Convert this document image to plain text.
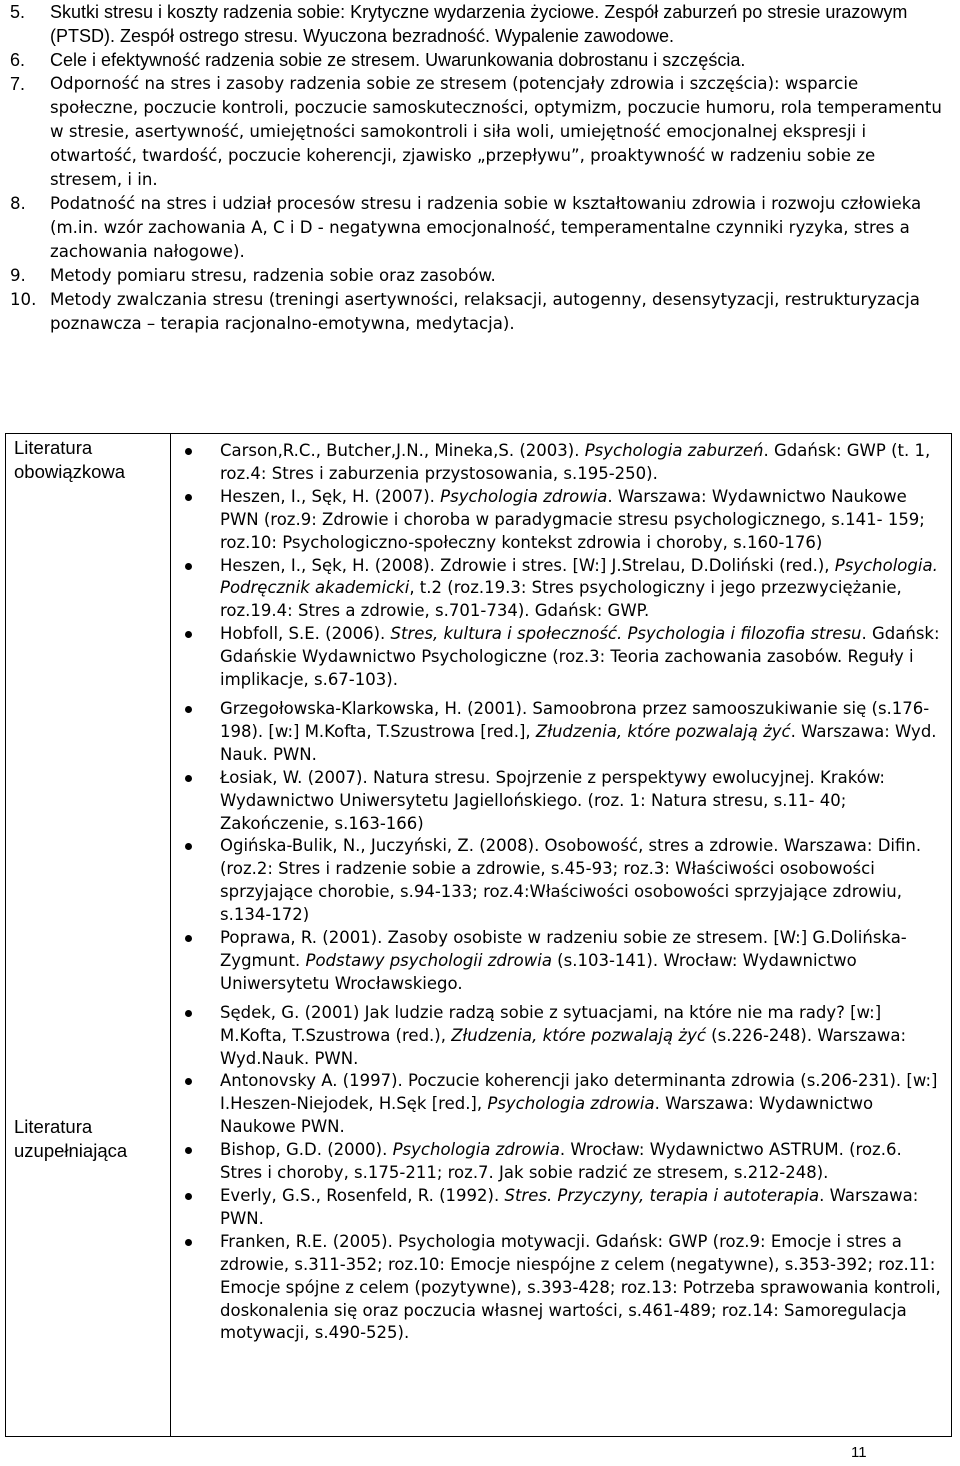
5.	Skutki stresu i koszty radzenia sobie: Krytyczne wydarzenia życiowe. Zespół zaburzeń po stresie urazowym (PTSD). Zespół ostrego stresu. Wyuczona bezradność. Wypalenie zawodowe.
6.	Cele i efektywność radzenia sobie ze stresem. Uwarunkowania dobrostanu i szczęścia.
7.	Odporność na stres i zasoby radzenia sobie ze stresem (potencjały zdrowia i szczęścia): wsparcie społeczne, poczucie kontroli, poczucie samoskuteczności, optymizm, poczucie humoru, rola temperamentu w stresie, asertywność, umiejętności samokontroli i siła woli, umiejętność emocjonalnej ekspresji i otwartość, twardość, poczucie koherencji, zjawisko „przepływu”, proaktywność w radzeniu sobie ze stresem, i in.
8.	Podatność na stres i udział procesów stresu i radzenia sobie w kształtowaniu zdrowia i rozwoju człowieka (m.in. wzór zachowania A, C i D - negatywna emocjonalność, temperamentalne czynniki ryzyka, stres a zachowania nałogowe).
9.	Metody pomiaru stresu, radzenia sobie oraz zasobów.
10. Metody zwalczania stresu (treningi asertywności, relaksacji, autogenny, desensytyzacji, restrukturyzacja poznawcza – terapia racjonalno-emotywna, medytacja).
Literatura
obowiązkowa
Literatura
uzupełniająca

Carson,R.C., Butcher,J.N., Mineka,S. (2003). Psychologia zaburzeń. Gdańsk: GWP (t. 1, roz.4: Stres i zaburzenia przystosowania, s.195-250).
Heszen, I., Sęk, H. (2007). Psychologia zdrowia. Warszawa: Wydawnictwo Naukowe PWN (roz.9: Zdrowie i choroba w paradygmacie stresu psychologicznego, s.141- 159; roz.10: Psychologiczno-społeczny kontekst zdrowia i choroby, s.160-176)
Heszen, I., Sęk, H. (2008). Zdrowie i stres. [W:] J.Strelau, D.Doliński (red.), Psychologia. Podręcznik akademicki, t.2 (roz.19.3: Stres psychologiczny i jego przezwyciężanie, roz.19.4: Stres a zdrowie, s.701-734). Gdańsk: GWP.
Hobfoll, S.E. (2006). Stres, kultura i społeczność. Psychologia i filozofia stresu. Gdańsk: Gdańskie Wydawnictwo Psychologiczne (roz.3: Teoria zachowania zasobów. Reguły i implikacje, s.67-103).
Grzegołowska-Klarkowska, H. (2001). Samoobrona przez samooszukiwanie się (s.176-198). [w:] M.Kofta, T.Szustrowa [red.], Złudzenia, które pozwalają żyć. Warszawa: Wyd. Nauk. PWN.
Łosiak, W. (2007). Natura stresu. Spojrzenie z perspektywy ewolucyjnej. Kraków: Wydawnictwo Uniwersytetu Jagiellońskiego. (roz. 1: Natura stresu, s.11- 40; Zakończenie, s.163-166)
Ogińska-Bulik, N., Juczyński, Z. (2008). Osobowość, stres a zdrowie. Warszawa: Difin. (roz.2: Stres i radzenie sobie a zdrowie, s.45-93; roz.3: Właściwości osobowości sprzyjające chorobie, s.94-133; roz.4:Właściwości osobowości sprzyjające zdrowiu, s.134-172)
Poprawa, R. (2001). Zasoby osobiste w radzeniu sobie ze stresem. [W:] G.Dolińska-Zygmunt. Podstawy psychologii zdrowia (s.103-141). Wrocław: Wydawnictwo Uniwersytetu Wrocławskiego.
Sędek, G. (2001) Jak ludzie radzą sobie z sytuacjami, na które nie ma rady? [w:] M.Kofta, T.Szustrowa (red.), Złudzenia, które pozwalają żyć (s.226-248). Warszawa: Wyd.Nauk. PWN.
Antonovsky A. (1997). Poczucie koherencji jako determinanta zdrowia (s.206-231). [w:] I.Heszen-Niejodek, H.Sęk [red.], Psychologia zdrowia. Warszawa: Wydawnictwo Naukowe PWN.
Bishop, G.D. (2000). Psychologia zdrowia. Wrocław: Wydawnictwo ASTRUM. (roz.6. Stres i choroby, s.175-211; roz.7. Jak sobie radzić ze stresem, s.212-248).
Everly, G.S., Rosenfeld, R. (1992). Stres. Przyczyny, terapia i autoterapia. Warszawa: PWN.
Franken, R.E. (2005). Psychologia motywacji. Gdańsk: GWP (roz.9: Emocje i stres a zdrowie, s.311-352; roz.10: Emocje niespójne z celem (negatywne), s.353-392; roz.11: Emocje spójne z celem (pozytywne), s.393-428; roz.13: Potrzeba sprawowania kontroli, doskonalenia się oraz poczucia własnej wartości, s.461-489; roz.14: Samoregulacja motywacji, s.490-525).
11
